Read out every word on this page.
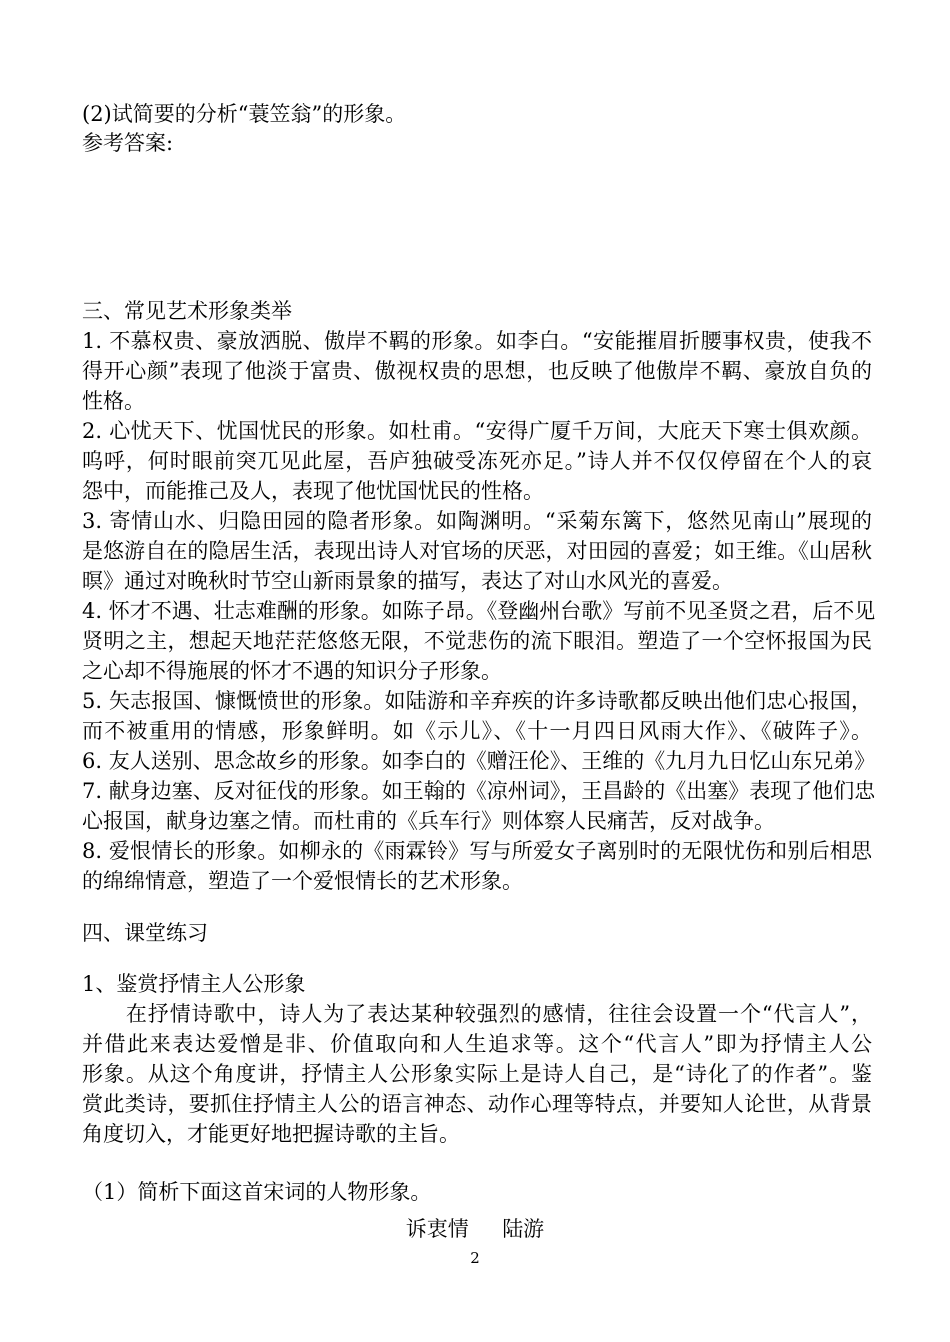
(2)试简要的分析“蓑笠翁”的形象。
参考答案:
三、常见艺术形象类举
1. 不慕权贵、豪放洒脱、傲岸不羁的形象。如李白。“安能摧眉折腰事权贵，使我不
得开心颜”表现了他淡于富贵、傲视权贵的思想，也反映了他傲岸不羁、豪放自负的
性格。
2. 心忧天下、忧国忧民的形象。如杜甫。“安得广厦千万间，大庇天下寒士俱欢颜。
呜呼，何时眼前突兀见此屋，吾庐独破受冻死亦足。”诗人并不仅仅停留在个人的哀
怨中，而能推己及人，表现了他忧国忧民的性格。
3. 寄情山水、归隐田园的隐者形象。如陶渊明。“采菊东篱下，悠然见南山”展现的
是悠游自在的隐居生活，表现出诗人对官场的厌恶，对田园的喜爱；如王维。《山居秋
暝》通过对晚秋时节空山新雨景象的描写，表达了对山水风光的喜爱。
4. 怀才不遇、壮志难酬的形象。如陈子昂。《登幽州台歌》写前不见圣贤之君，后不见
贤明之主，想起天地茫茫悠悠无限，不觉悲伤的流下眼泪。塑造了一个空怀报国为民
之心却不得施展的怀才不遇的知识分子形象。
5. 矢志报国、慷慨愤世的形象。如陆游和辛弃疾的许多诗歌都反映出他们忠心报国，
而不被重用的情感，形象鲜明。如《示儿》、《十一月四日风雨大作》、《破阵子》。
6. 友人送别、思念故乡的形象。如李白的《赠汪伦》、王维的《九月九日忆山东兄弟》
7. 献身边塞、反对征伐的形象。如王翰的《凉州词》，王昌龄的《出塞》表现了他们忠
心报国，献身边塞之情。而杜甫的《兵车行》则体察人民痛苦，反对战争。
8. 爱恨情长的形象。如柳永的《雨霖铃》写与所爱女子离别时的无限忧伤和别后相思
的绵绵情意，塑造了一个爱恨情长的艺术形象。
四、课堂练习
1、鉴赏抒情主人公形象
　　在抒情诗歌中，诗人为了表达某种较强烈的感情，往往会设置一个“代言人”，
并借此来表达爱憎是非、价值取向和人生追求等。这个“代言人”即为抒情主人公
形象。从这个角度讲，抒情主人公形象实际上是诗人自己，是“诗化了的作者”。鉴
赏此类诗，要抓住抒情主人公的语言神态、动作心理等特点，并要知人论世，从背景
角度切入，才能更好地把握诗歌的主旨。
（1）简析下面这首宋词的人物形象。
诉衷情 陆游
2
